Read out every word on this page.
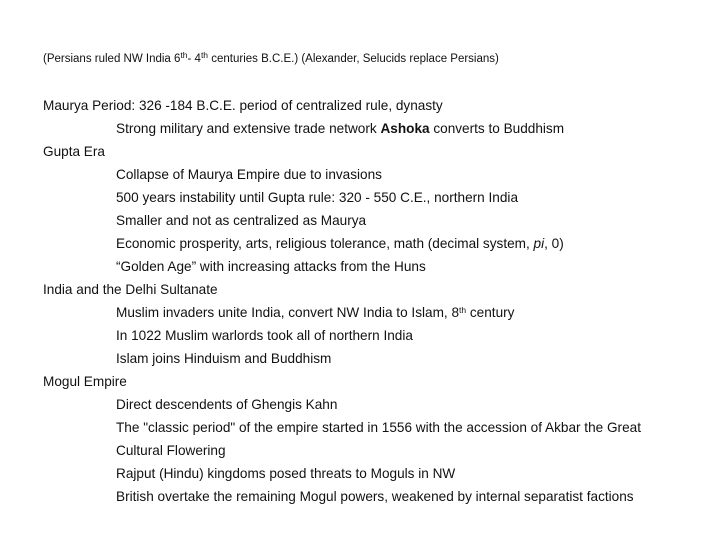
(Persians ruled NW India 6th- 4th centuries B.C.E.) (Alexander, Selucids replace Persians)
Maurya Period: 326 -184 B.C.E. period of centralized rule, dynasty
Strong military and extensive trade network Ashoka converts to Buddhism
Gupta Era
Collapse of Maurya Empire due to invasions
500 years instability until Gupta rule: 320 - 550 C.E., northern India
Smaller and not as centralized as Maurya
Economic prosperity, arts, religious tolerance, math (decimal system, pi, 0)
“Golden Age” with increasing attacks from the Huns
India and the Delhi Sultanate
Muslim invaders unite India, convert NW India to Islam, 8th century
In 1022 Muslim warlords took all of northern India
Islam joins Hinduism and Buddhism
Mogul Empire
Direct descendents of Ghengis Kahn
The "classic period" of the empire started in 1556 with the accession of Akbar the Great
Cultural Flowering
Rajput (Hindu) kingdoms posed threats to Moguls in NW
British overtake the remaining Mogul powers, weakened by internal separatist factions
